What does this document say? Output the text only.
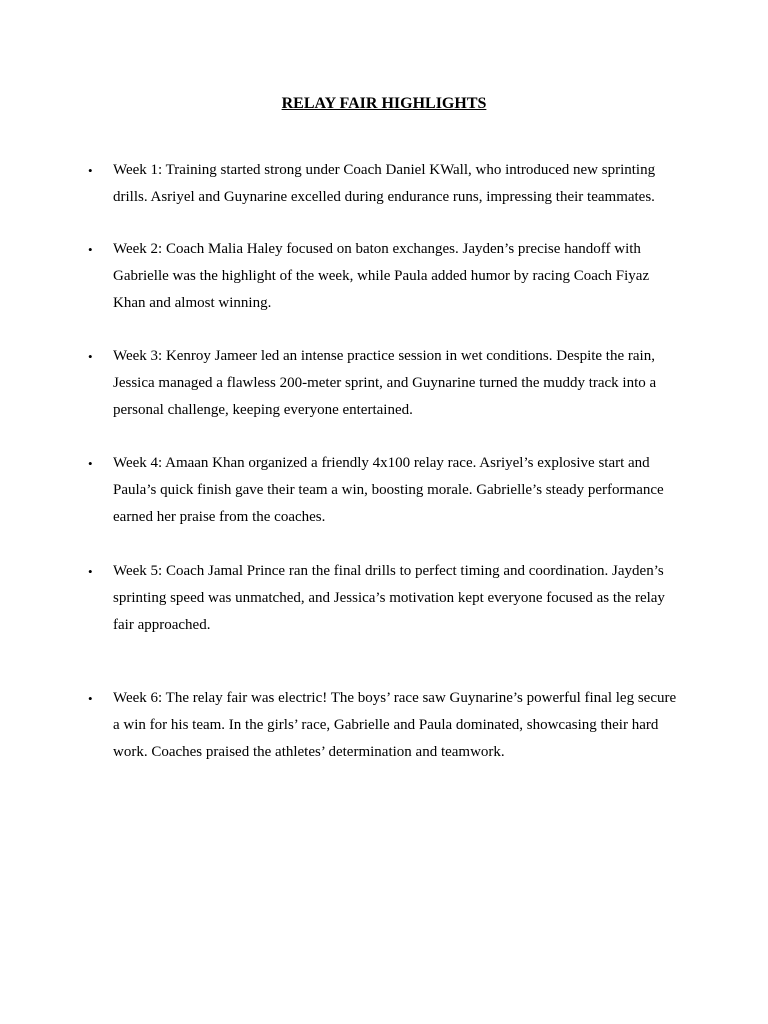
RELAY FAIR HIGHLIGHTS

• Week 1: Training started strong under Coach Daniel KWall, who introduced new sprinting drills. Asriyel and Guynarine excelled during endurance runs, impressing their teammates.

• Week 2: Coach Malia Haley focused on baton exchanges. Jayden’s precise handoff with Gabrielle was the highlight of the week, while Paula added humor by racing Coach Fiyaz Khan and almost winning.

• Week 3: Kenroy Jameer led an intense practice session in wet conditions. Despite the rain, Jessica managed a flawless 200-meter sprint, and Guynarine turned the muddy track into a personal challenge, keeping everyone entertained.

• Week 4: Amaan Khan organized a friendly 4x100 relay race. Asriyel’s explosive start and Paula’s quick finish gave their team a win, boosting morale. Gabrielle’s steady performance earned her praise from the coaches.

• Week 5: Coach Jamal Prince ran the final drills to perfect timing and coordination. Jayden’s sprinting speed was unmatched, and Jessica’s motivation kept everyone focused as the relay fair approached.

• Week 6: The relay fair was electric! The boys’ race saw Guynarine’s powerful final leg secure a win for his team. In the girls’ race, Gabrielle and Paula dominated, showcasing their hard work. Coaches praised the athletes’ determination and teamwork.
